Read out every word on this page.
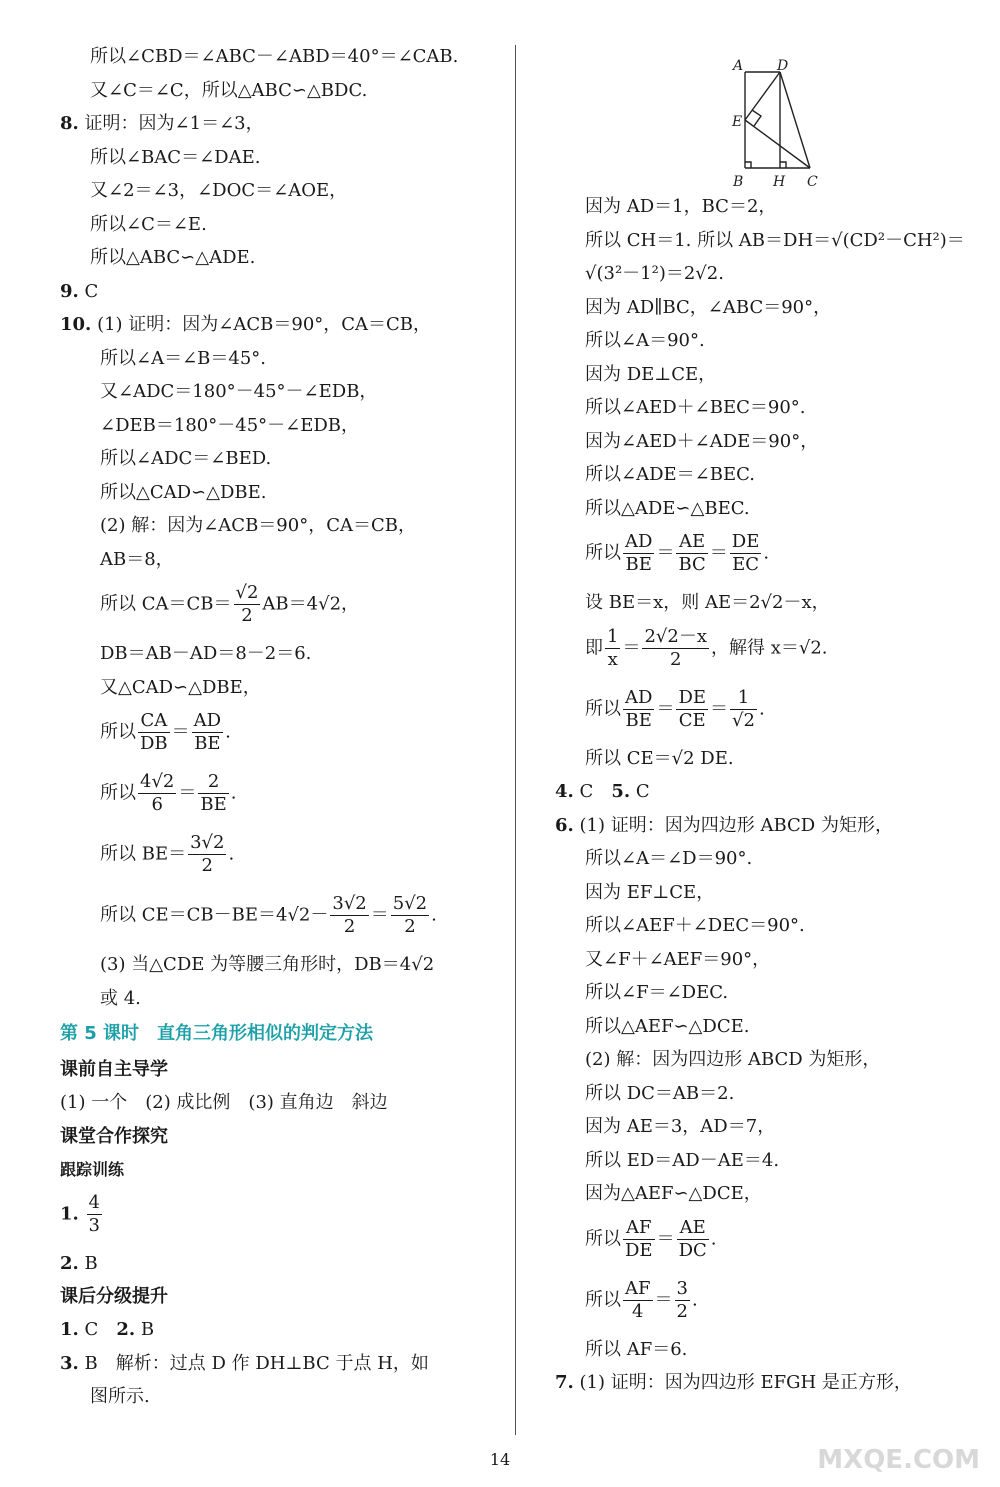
所以∠CBD＝∠ABC－∠ABD＝40°＝∠CAB.
又∠C＝∠C，所以△ABC∽△BDC.
8. 证明：因为∠1＝∠3，
所以∠BAC＝∠DAE.
又∠2＝∠3，∠DOC＝∠AOE，
所以∠C＝∠E.
所以△ABC∽△ADE.
9. C
10. (1) 证明：因为∠ACB＝90°，CA＝CB，
所以∠A＝∠B＝45°.
又∠ADC＝180°－45°－∠EDB，
∠DEB＝180°－45°－∠EDB，
所以∠ADC＝∠BED.
所以△CAD∽△DBE.
(2) 解：因为∠ACB＝90°，CA＝CB，
AB＝8，
所以 $CA=CB= \frac{√2}{2} AB=4√2$，
DB＝AB－AD＝8－2＝6.
又△CAD∽△DBE，
所以 $\frac{CA}{DB} = \frac{AD}{BE}$ .
所以 $\frac{4√2}{6} = \frac{2}{BE}$ .
所以 $BE= \frac{3√2}{2}$ .
所以 $CE=CB-BE=4√2- \frac{3√2}{2} = \frac{5√2}{2}$ .
(3) 当△CDE 为等腰三角形时，DB＝4√2
或 4.
第 5 课时　直角三角形相似的判定方法
课前自主导学
(1) 一个　(2) 成比例　(3) 直角边　斜边
课堂合作探究
跟踪训练
1. $\frac{4}{3}$
2. B
课后分级提升
1. C　 2. B
3. B　解析：过点 D 作 DH⊥BC 于点 H，如
图所示.
A D
E
B H C
因为 AD＝1，BC＝2，
所以 CH＝1. 所以 AB＝DH＝√(CD²－CH²)＝
√(3²－1²)＝2√2.
因为 AD∥BC，∠ABC＝90°，
所以∠A＝90°.
因为 DE⊥CE，
所以∠AED＋∠BEC＝90°.
因为∠AED＋∠ADE＝90°，
所以∠ADE＝∠BEC.
所以△ADE∽△BEC.
所以 $\frac{AD}{BE} = \frac{AE}{BC} = \frac{DE}{EC}$ .
设 BE＝x，则 AE＝2√2－x，
即 $\frac{1}{x} = \frac{2√2-x}{2}$ ，解得 x＝√2.
所以 $\frac{AD}{BE} = \frac{DE}{CE} = \frac{1}{√2}$ .
所以 CE＝√2 DE.
4. C　 5. C
6. (1) 证明：因为四边形 ABCD 为矩形，
所以∠A＝∠D＝90°.
因为 EF⊥CE，
所以∠AEF＋∠DEC＝90°.
又∠F＋∠AEF＝90°，
所以∠F＝∠DEC.
所以△AEF∽△DCE.
(2) 解：因为四边形 ABCD 为矩形，
所以 DC＝AB＝2.
因为 AE＝3，AD＝7，
所以 ED＝AD－AE＝4.
因为△AEF∽△DCE，
所以 $\frac{AF}{DE} = \frac{AE}{DC}$ .
所以 $\frac{AF}{4} = \frac{3}{2}$ .
所以 AF＝6.
7. (1) 证明：因为四边形 EFGH 是正方形，
14	MXQE.COM
